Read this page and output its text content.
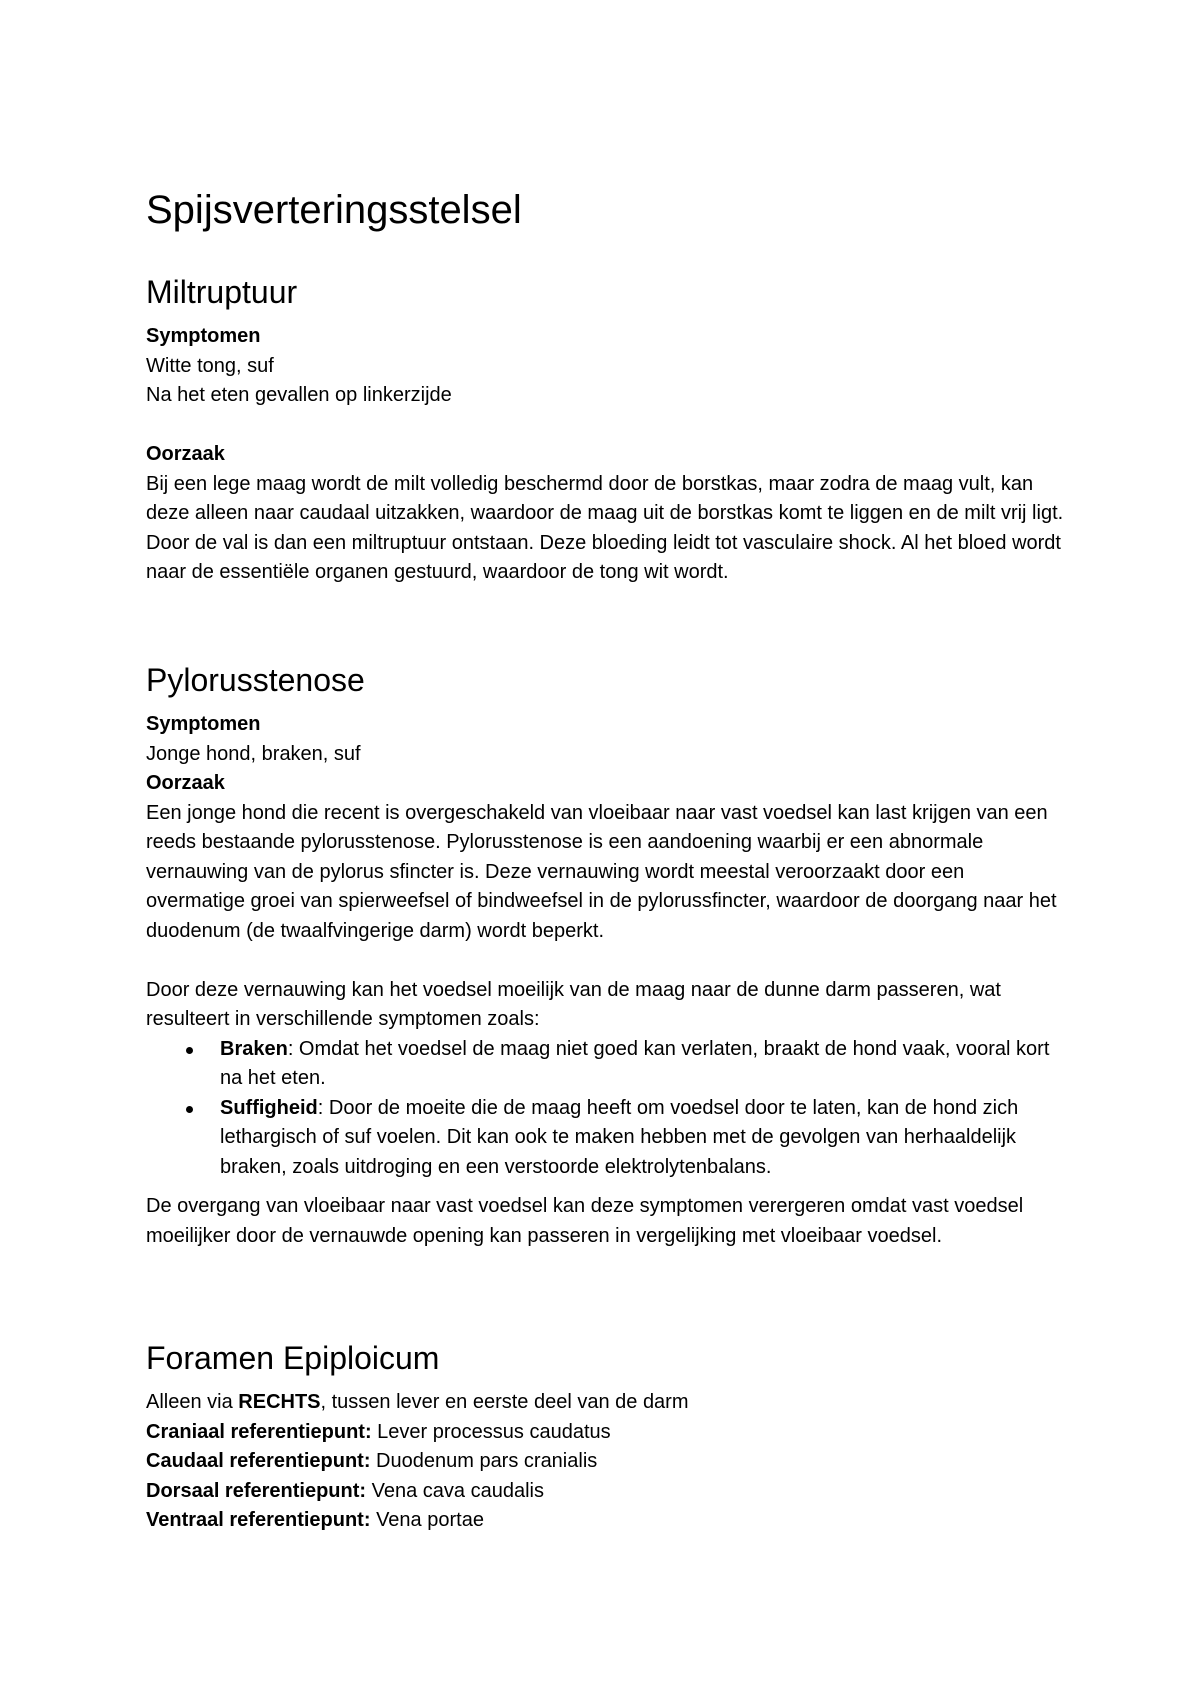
Spijsverteringsstelsel
Miltruptuur

Symptomen

Witte tong, suf

Na het eten gevallen op linkerzijde

Oorzaak

Bij een lege maag wordt de milt volledig beschermd door de borstkas, maar zodra de maag vult, kan deze alleen naar caudaal uitzakken, waardoor de maag uit de borstkas komt te liggen en de milt vrij ligt. Door de val is dan een miltruptuur ontstaan. Deze bloeding leidt tot vasculaire shock. Al het bloed wordt naar de essentiële organen gestuurd, waardoor de tong wit wordt.

Pylorusstenose

Symptomen

Jonge hond, braken, suf

Oorzaak

Een jonge hond die recent is overgeschakeld van vloeibaar naar vast voedsel kan last krijgen van een reeds bestaande pylorusstenose. Pylorusstenose is een aandoening waarbij er een abnormale vernauwing van de pylorus sfincter is. Deze vernauwing wordt meestal veroorzaakt door een overmatige groei van spierweefsel of bindweefsel in de pylorussfincter, waardoor de doorgang naar het duodenum (de twaalfvingerige darm) wordt beperkt.

Door deze vernauwing kan het voedsel moeilijk van de maag naar de dunne darm passeren, wat resulteert in verschillende symptomen zoals:

Braken: Omdat het voedsel de maag niet goed kan verlaten, braakt de hond vaak, vooral kort na het eten.
Suffigheid: Door de moeite die de maag heeft om voedsel door te laten, kan de hond zich lethargisch of suf voelen. Dit kan ook te maken hebben met de gevolgen van herhaaldelijk braken, zoals uitdroging en een verstoorde elektrolytenbalans.

De overgang van vloeibaar naar vast voedsel kan deze symptomen verergeren omdat vast voedsel moeilijker door de vernauwde opening kan passeren in vergelijking met vloeibaar voedsel.

Foramen Epiploicum

Alleen via RECHTS, tussen lever en eerste deel van de darm

Craniaal referentiepunt: Lever processus caudatus

Caudaal referentiepunt: Duodenum pars cranialis

Dorsaal referentiepunt: Vena cava caudalis

Ventraal referentiepunt: Vena portae
